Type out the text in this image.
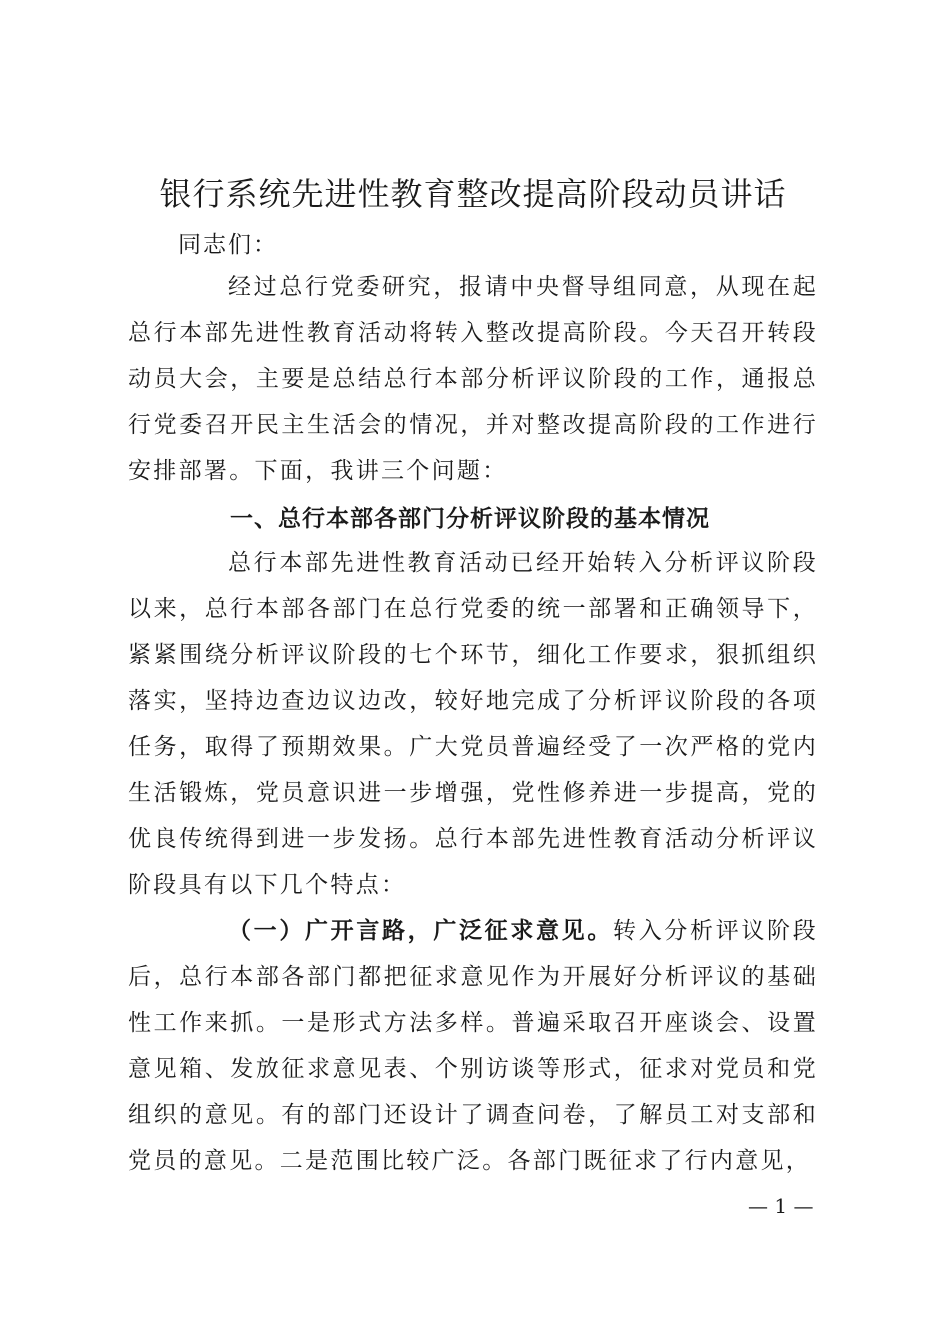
银行系统先进性教育整改提高阶段动员讲话
同志们：

经过总行党委研究，报请中央督导组同意，从现在起总行本部先进性教育活动将转入整改提高阶段。今天召开转段动员大会，主要是总结总行本部分析评议阶段的工作，通报总行党委召开民主生活会的情况，并对整改提高阶段的工作进行安排部署。下面，我讲三个问题：

一、总行本部各部门分析评议阶段的基本情况

总行本部先进性教育活动已经开始转入分析评议阶段以来，总行本部各部门在总行党委的统一部署和正确领导下，紧紧围绕分析评议阶段的七个环节，细化工作要求，狠抓组织落实，坚持边查边议边改，较好地完成了分析评议阶段的各项任务，取得了预期效果。广大党员普遍经受了一次严格的党内生活锻炼，党员意识进一步增强，党性修养进一步提高，党的优良传统得到进一步发扬。总行本部先进性教育活动分析评议阶段具有以下几个特点：

（一）广开言路，广泛征求意见。转入分析评议阶段后，总行本部各部门都把征求意见作为开展好分析评议的基础性工作来抓。一是形式方法多样。普遍采取召开座谈会、设置意见箱、发放征求意见表、个别访谈等形式，征求对党员和党组织的意见。有的部门还设计了调查问卷，了解员工对支部和党员的意见。二是范围比较广泛。各部门既征求了行内意见，

— 1 —
